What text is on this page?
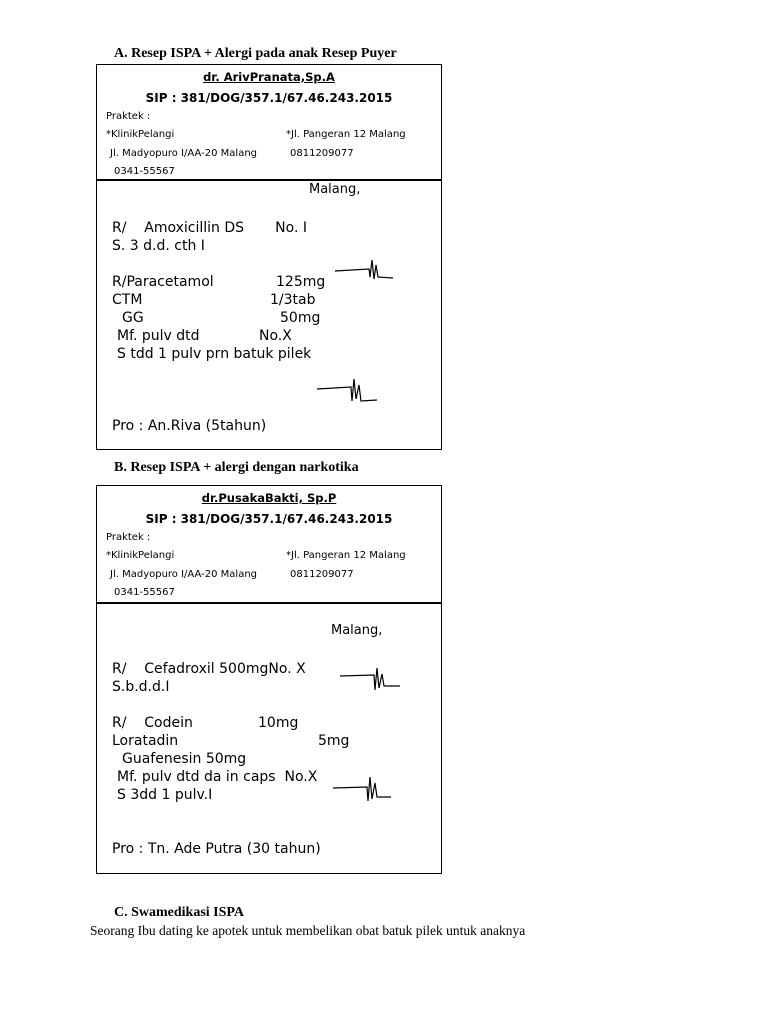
A. Resep ISPA + Alergi pada anak Resep Puyer
dr. ArivPranata,Sp.A
SIP : 381/DOG/357.1/67.46.243.2015
Praktek :
*KlinikPelangi	*Jl. Pangeran 12 Malang
Jl. Madyopuro I/AA-20 Malang	0811209077
0341-55567
Malang,
R/    Amoxicillin DS       No. I
S. 3 d.d. cth I
R/Paracetamol	125mg
CTM	1/3tab
GG	50mg
Mf. pulv dtd	No.X
S tdd 1 pulv prn batuk pilek
Pro : An.Riva (5tahun)
B. Resep ISPA + alergi dengan narkotika
dr.PusakaBakti, Sp.P
SIP : 381/DOG/357.1/67.46.243.2015
Praktek :
*KlinikPelangi	*Jl. Pangeran 12 Malang
Jl. Madyopuro I/AA-20 Malang	0811209077
0341-55567
Malang,
R/    Cefadroxil 500mgNo. X
S.b.d.d.I
R/    Codein	10mg
Loratadin	5mg
Guafenesin 50mg
Mf. pulv dtd da in caps  No.X
S 3dd 1 pulv.I
Pro : Tn. Ade Putra (30 tahun)
C. Swamedikasi ISPA
Seorang Ibu dating ke apotek untuk membelikan obat batuk pilek untuk anaknya
